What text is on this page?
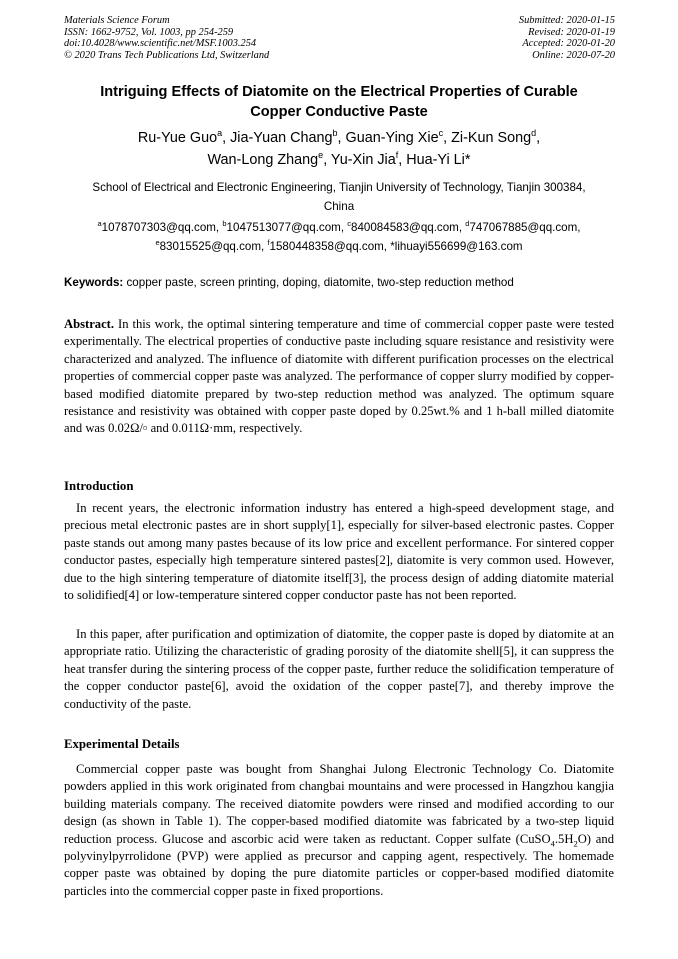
Materials Science Forum
ISSN: 1662-9752, Vol. 1003, pp 254-259
doi:10.4028/www.scientific.net/MSF.1003.254
© 2020 Trans Tech Publications Ltd, Switzerland
Submitted: 2020-01-15
Revised: 2020-01-19
Accepted: 2020-01-20
Online: 2020-07-20
Intriguing Effects of Diatomite on the Electrical Properties of Curable
Copper Conductive Paste
Ru-Yue Guo$^a$, Jia-Yuan Chang$^b$, Guan-Ying Xie$^c$, Zi-Kun Song$^d$,
Wan-Long Zhang$^e$, Yu-Xin Jia$^f$, Hua-Yi Li*
School of Electrical and Electronic Engineering, Tianjin University of Technology, Tianjin 300384,
China
$^a$1078707303@qq.com, $^b$1047513077@qq.com, $^c$840084583@qq.com, $^d$747067885@qq.com,
$^e$83015525@qq.com, $^f$1580448358@qq.com, *lihuayi556699@163.com
Keywords: copper paste, screen printing, doping, diatomite, two-step reduction method
Abstract. In this work, the optimal sintering temperature and time of commercial copper paste were tested experimentally. The electrical properties of conductive paste including square resistance and resistivity were characterized and analyzed. The influence of diatomite with different purification processes on the electrical properties of commercial copper paste was analyzed. The performance of copper slurry modified by copper-based modified diatomite prepared by two-step reduction method was analyzed. The optimum square resistance and resistivity was obtained with copper paste doped by 0.25wt.% and 1 h-ball milled diatomite and was 0.02Ω/▫ and 0.011Ω·mm, respectively.
Introduction
In recent years, the electronic information industry has entered a high-speed development stage, and precious metal electronic pastes are in short supply[1], especially for silver-based electronic pastes. Copper paste stands out among many pastes because of its low price and excellent performance. For sintered copper conductor pastes, especially high temperature sintered pastes[2], diatomite is very common used. However, due to the high sintering temperature of diatomite itself[3], the process design of adding diatomite material to solidified[4] or low-temperature sintered copper conductor paste has not been reported.
In this paper, after purification and optimization of diatomite, the copper paste is doped by diatomite at an appropriate ratio. Utilizing the characteristic of grading porosity of the diatomite shell[5], it can suppress the heat transfer during the sintering process of the copper paste, further reduce the solidification temperature of the copper conductor paste[6], avoid the oxidation of the copper paste[7], and thereby improve the conductivity of the paste.
Experimental Details
Commercial copper paste was bought from Shanghai Julong Electronic Technology Co. Diatomite powders applied in this work originated from changbai mountains and were processed in Hangzhou kangjia building materials company. The received diatomite powders were rinsed and modified according to our design (as shown in Table 1). The copper-based modified diatomite was fabricated by a two-step liquid reduction process. Glucose and ascorbic acid were taken as reductant. Copper sulfate $(CuSO_4.5H_2O)$ and polyvinylpyrrolidone (PVP) were applied as precursor and capping agent, respectively. The homemade copper paste was obtained by doping the pure diatomite particles or copper-based modified diatomite particles into the commercial copper paste in fixed proportions.
